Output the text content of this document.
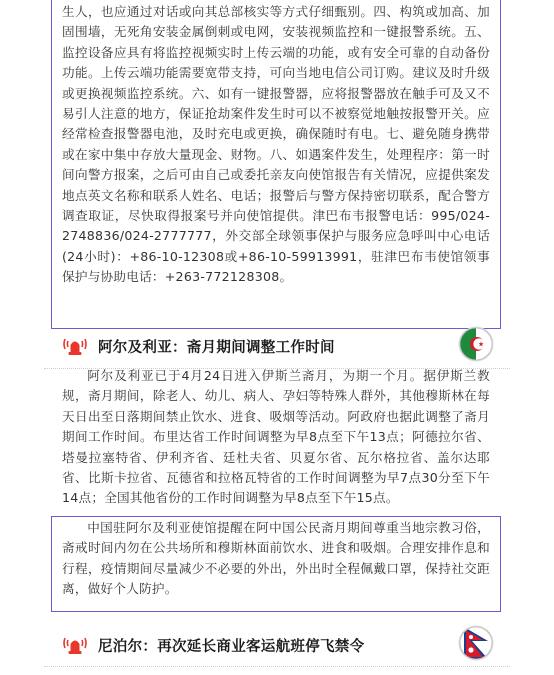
生人，也应通过对话或向其总部核实等方式仔细甄别。四、构筑或加高、加固围墙，无死角安装金属倒刺或电网，安装视频监控和一键报警系统。五、监控设备应具有将监控视频实时上传云端的功能，或有安全可靠的自动备份功能。上传云端功能需要宽带支持，可向当地电信公司订购。建议及时升级或更换视频监控系统。六、如有一键报警器，应将报警器放在触手可及又不易引人注意的地方，保证抢劫案件发生时可以不被察觉地触按报警开关。应经常检查报警器电池，及时充电或更换，确保随时有电。七、避免随身携带或在家中集中存放大量现金、财物。八、如遇案件发生，处理程序：第一时间向警方报案，之后可由自己或委托亲友向使馆报告有关情况，应提供案发地点英文名称和联系人姓名、电话；报警后与警方保持密切联系，配合警方调查取证，尽快取得报案号并向使馆提供。津巴布韦报警电话：995/024-2748836/024-2777777，外交部全球领事保护与服务应急呼叫中心电话(24小时)：+86-10-12308或+86-10-59913991，驻津巴布韦使馆领事保护与协助电话：+263-772128308。

阿尔及利亚：斋月期间调整工作时间

阿尔及利亚已于4月24日进入伊斯兰斋月，为期一个月。据伊斯兰教规，斋月期间，除老人、幼儿、病人、孕妇等特殊人群外，其他穆斯林在每天日出至日落期间禁止饮水、进食、吸烟等活动。阿政府也据此调整了斋月期间工作时间。布里达省工作时间调整为早8点至下午13点；阿德拉尔省、塔曼拉塞特省、伊利齐省、廷杜夫省、贝夏尔省、瓦尔格拉省、盖尔达耶省、比斯卡拉省、瓦德省和拉格瓦特省的工作时间调整为早7点30分至下午14点；全国其他省份的工作时间调整为早8点至下午15点。

中国驻阿尔及利亚使馆提醒在阿中国公民斋月期间尊重当地宗教习俗，斋戒时间内勿在公共场所和穆斯林面前饮水、进食和吸烟。合理安排作息和行程，疫情期间尽量减少不必要的外出，外出时全程佩戴口罩，保持社交距离，做好个人防护。

尼泊尔：再次延长商业客运航班停飞禁令
